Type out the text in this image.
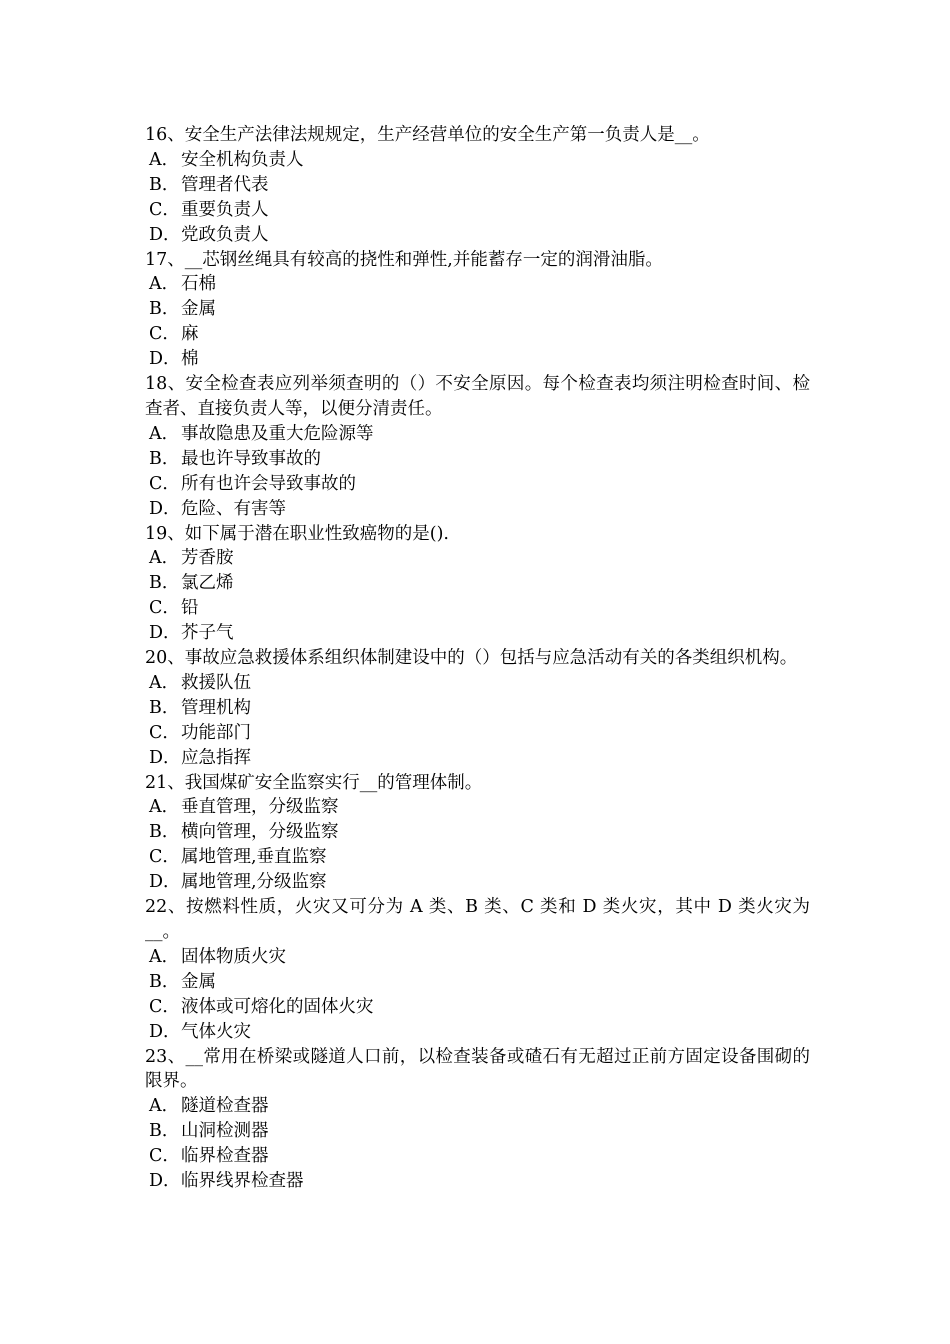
16、安全生产法律法规规定，生产经营单位的安全生产第一负责人是__。

A． 安全机构负责人
B．管理者代表
C．重要负责人
D．党政负责人

17、__芯钢丝绳具有较高的挠性和弹性,并能蓄存一定的润滑油脂。

A． 石棉
B．金属
C．麻
D．棉

18、安全检查表应列举须查明的（）不安全原因。每个检查表均须注明检查时间、检查者、直接负责人等，以便分清责任。

A． 事故隐患及重大危险源等
B．最也许导致事故的
C．所有也许会导致事故的
D．危险、有害等

19、如下属于潜在职业性致癌物的是().

A． 芳香胺
B．氯乙烯
C．铅
D．芥子气

20、事故应急救援体系组织体制建设中的（）包括与应急活动有关的各类组织机构。

A． 救援队伍
B．管理机构
C．功能部门
D．应急指挥

21、我国煤矿安全监察实行__的管理体制。

A． 垂直管理，分级监察
B．横向管理，分级监察
C．属地管理,垂直监察
D．属地管理,分级监察

22、按燃料性质，火灾又可分为 A 类、B 类、C 类和 D 类火灾，其中 D 类火灾为__。

A． 固体物质火灾
B．金属
C．液体或可熔化的固体火灾
D．气体火灾

23、__常用在桥梁或隧道人口前，以检查装备或碴石有无超过正前方固定设备围砌的限界。

A． 隧道检查器
B．山洞检测器
C．临界检查器
D．临界线界检查器
